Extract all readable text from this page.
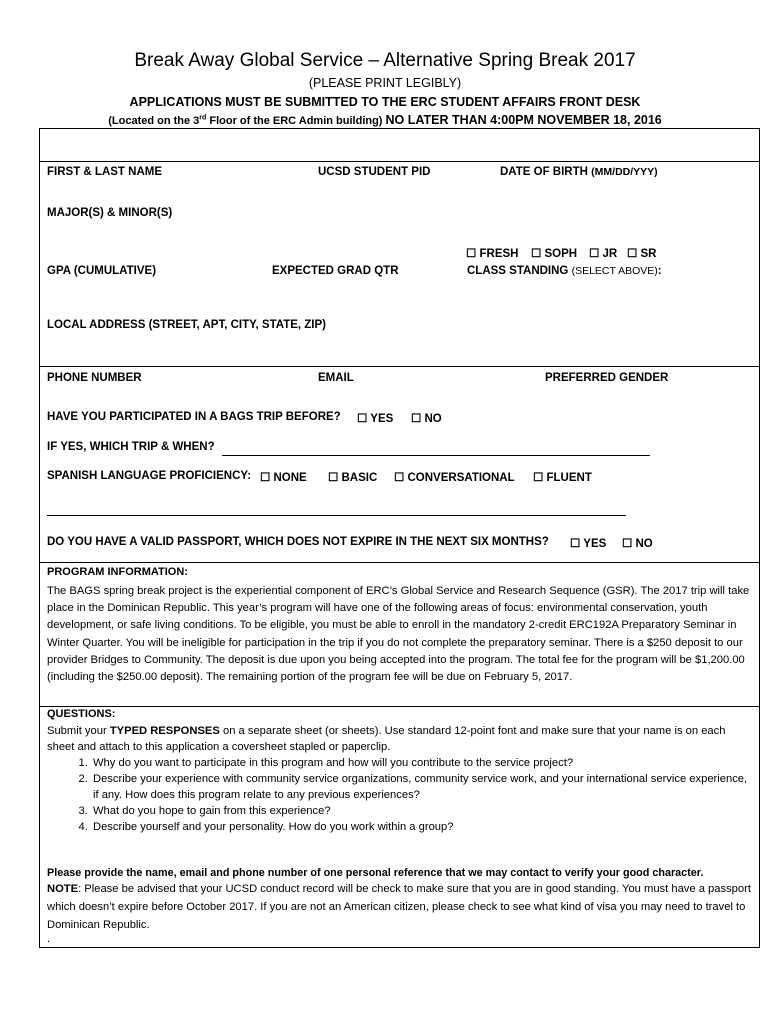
Break Away Global Service – Alternative Spring Break 2017
(PLEASE PRINT LEGIBLY)
APPLICATIONS MUST BE SUBMITTED TO THE ERC STUDENT AFFAIRS FRONT DESK
(Located on the 3rd Floor of the ERC Admin building) NO LATER THAN 4:00PM NOVEMBER 18, 2016
FIRST & LAST NAME	UCSD STUDENT PID	DATE OF BIRTH (MM/DD/YYY)
MAJOR(S) & MINOR(S)
☐ FRESH ☐ SOPH ☐ JR ☐ SR
GPA (CUMULATIVE)	EXPECTED GRAD QTR	CLASS STANDING (SELECT ABOVE):
LOCAL ADDRESS (STREET, APT, CITY, STATE, ZIP)
PHONE NUMBER	EMAIL	PREFERRED GENDER
HAVE YOU PARTICIPATED IN A BAGS TRIP BEFORE? ☐ YES ☐ NO
IF YES, WHICH TRIP & WHEN?
SPANISH LANGUAGE PROFICIENCY: ☐ NONE ☐ BASIC ☐ CONVERSATIONAL ☐ FLUENT
DO YOU HAVE A VALID PASSPORT, WHICH DOES NOT EXPIRE IN THE NEXT SIX MONTHS? ☐ YES ☐ NO
PROGRAM INFORMATION:
The BAGS spring break project is the experiential component of ERC’s Global Service and Research Sequence (GSR). The 2017 trip will take place in the Dominican Republic. This year’s program will have one of the following areas of focus: environmental conservation, youth development, or safe living conditions. To be eligible, you must be able to enroll in the mandatory 2-credit ERC192A Preparatory Seminar in Winter Quarter. You will be ineligible for participation in the trip if you do not complete the preparatory seminar. There is a $250 deposit to our provider Bridges to Community. The deposit is due upon you being accepted into the program. The total fee for the program will be $1,200.00 (including the $250.00 deposit). The remaining portion of the program fee will be due on February 5, 2017.
QUESTIONS:
Submit your TYPED RESPONSES on a separate sheet (or sheets). Use standard 12-point font and make sure that your name is on each sheet and attach to this application a coversheet stapled or paperclip.
1. Why do you want to participate in this program and how will you contribute to the service project?
2. Describe your experience with community service organizations, community service work, and your international service experience, if any. How does this program relate to any previous experiences?
3. What do you hope to gain from this experience?
4. Describe yourself and your personality. How do you work within a group?
Please provide the name, email and phone number of one personal reference that we may contact to verify your good character.
NOTE: Please be advised that your UCSD conduct record will be check to make sure that you are in good standing. You must have a passport which doesn’t expire before October 2017. If you are not an American citizen, please check to see what kind of visa you may need to travel to Dominican Republic.
.
